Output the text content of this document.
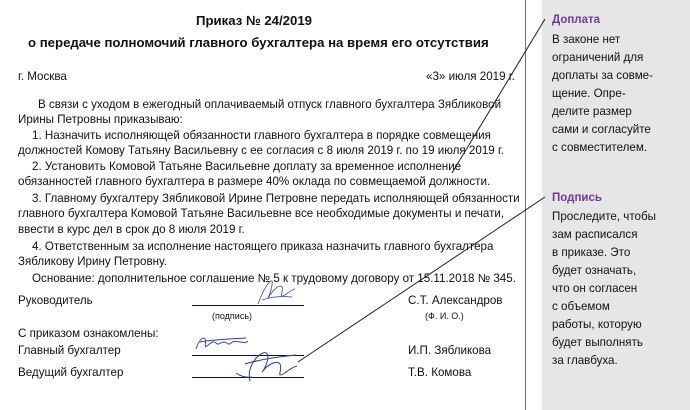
Приказ № 24/2019
о передаче полномочий главного бухгалтера на время его отсутствия
г. Москва	«3» июля 2019 г.
В связи с уходом в ежегодный оплачиваемый отпуск главного бухгалтера Зябликовой
Ирины Петровны приказываю:
1. Назначить исполняющей обязанности главного бухгалтера в порядке совмещения
должностей Комову Татьяну Васильевну с ее согласия с 8 июля 2019 г. по 19 июля 2019 г.
2. Установить Комовой Татьяне Васильевне доплату за временное исполнение
обязанностей главного бухгалтера в размере 40% оклада по совмещаемой должности.
3. Главному бухгалтеру Зябликовой Ирине Петровне передать исполняющей обязанности
главного бухгалтера Комовой Татьяне Васильевне все необходимые документы и печати,
ввести в курс дел в срок до 8 июля 2019 г.
4. Ответственным за исполнение настоящего приказа назначить главного бухгалтера
Зябликову Ирину Петровну.
Основание: дополнительное соглашение № 5 к трудовому договору от 15.11.2018 № 345.
Руководитель	С.Т. Александров
(подпись)	(Ф. И. О.)
С приказом ознакомлены:
Главный бухгалтер	И.П. Зябликова
Ведущий бухгалтер	Т.В. Комова
Доплата
В законе нет
ограничений для
доплаты за совме-
щение. Опре-
делите размер
сами и согласуйте
с совместителем.
Подпись
Проследите, чтобы
зам расписался
в приказе. Это
будет означать,
что он согласен
с объемом
работы, которую
будет выполнять
за главбуха.
